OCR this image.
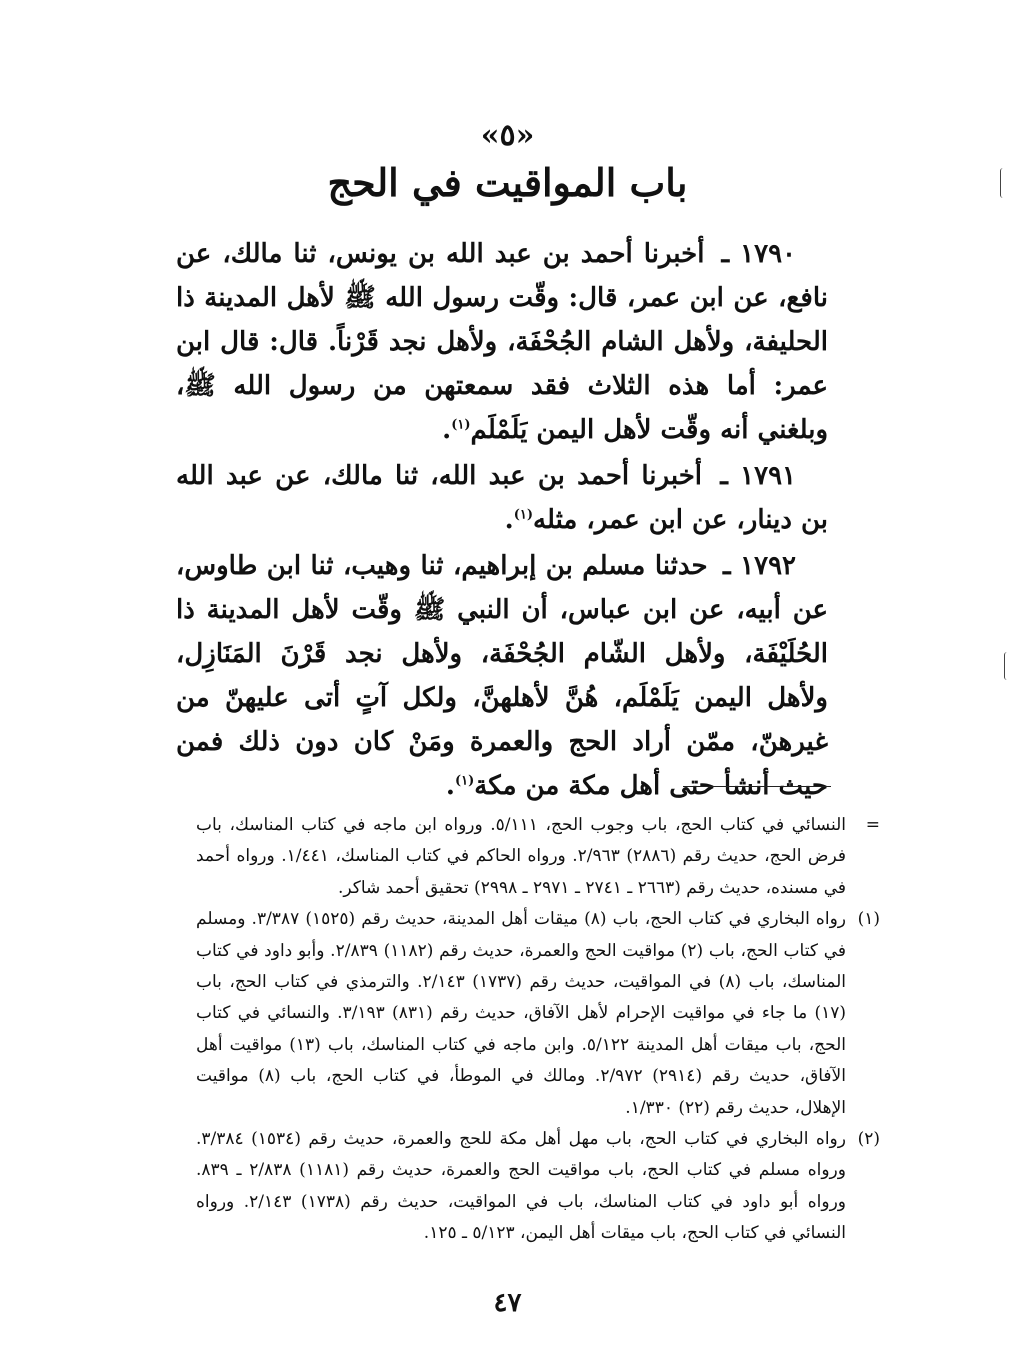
«٥»
باب المواقيت في الحج

١٧٩٠ ـ أخبرنا أحمد بن عبد الله بن يونس، ثنا مالك، عن نافع، عن ابن عمر، قال: وقّت رسول الله ﷺ لأهل المدينة ذا الحليفة، ولأهل الشام الجُحْفَة، ولأهل نجد قَرْناً. قال: قال ابن عمر: أما هذه الثلاث فقد سمعتهن من رسول الله ﷺ، وبلغني أنه وقّت لأهل اليمن يَلَمْلَم$^{(١)}$.

١٧٩١ ـ أخبرنا أحمد بن عبد الله، ثنا مالك، عن عبد الله بن دينار، عن ابن عمر، مثله$^{(١)}$.

١٧٩٢ ـ حدثنا مسلم بن إبراهيم، ثنا وهيب، ثنا ابن طاوس، عن أبيه، عن ابن عباس، أن النبي ﷺ وقّت لأهل المدينة ذا الحُلَيْفَة، ولأهل الشّام الجُحْفَة، ولأهل نجد قَرْنَ المَنَازِل، ولأهل اليمن يَلَمْلَم، هُنَّ لأهلهنَّ، ولكل آتٍ أتى عليهنّ من غيرهنّ، ممّن أراد الحج والعمرة ومَنْ كان دون ذلك فمن حيث أنشأ حتى أهل مكة من مكة$^{(١)}$.

=
النسائي في كتاب الحج، باب وجوب الحج، ٥/١١١. ورواه ابن ماجه في كتاب المناسك، باب فرض الحج، حديث رقم (٢٨٨٦) ٢/٩٦٣. ورواه الحاكم في كتاب المناسك، ١/٤٤١. ورواه أحمد في مسنده، حديث رقم (٢٦٦٣ ـ ٢٧٤١ ـ ٢٩٧١ ـ ٢٩٩٨) تحقيق أحمد شاكر.

(١)
رواه البخاري في كتاب الحج، باب (٨) ميقات أهل المدينة، حديث رقم (١٥٢٥) ٣/٣٨٧. ومسلم في كتاب الحج، باب (٢) مواقيت الحج والعمرة، حديث رقم (١١٨٢) ٢/٨٣٩. وأبو داود في كتاب المناسك، باب (٨) في المواقيت، حديث رقم (١٧٣٧) ٢/١٤٣. والترمذي في كتاب الحج، باب (١٧) ما جاء في مواقيت الإحرام لأهل الآفاق، حديث رقم (٨٣١) ٣/١٩٣. والنسائي في كتاب الحج، باب ميقات أهل المدينة ٥/١٢٢. وابن ماجه في كتاب المناسك، باب (١٣) مواقيت أهل الآفاق، حديث رقم (٢٩١٤) ٢/٩٧٢. ومالك في الموطأ، في كتاب الحج، باب (٨) مواقيت الإهلال، حديث رقم (٢٢) ١/٣٣٠.

(٢)
رواه البخاري في كتاب الحج، باب مهل أهل مكة للحج والعمرة، حديث رقم (١٥٣٤) ٣/٣٨٤. ورواه مسلم في كتاب الحج، باب مواقيت الحج والعمرة، حديث رقم (١١٨١) ٢/٨٣٨ ـ ٨٣٩. ورواه أبو داود في كتاب المناسك، باب في المواقيت، حديث رقم (١٧٣٨) ٢/١٤٣. ورواه النسائي في كتاب الحج، باب ميقات أهل اليمن، ٥/١٢٣ ـ ١٢٥.

٤٧
